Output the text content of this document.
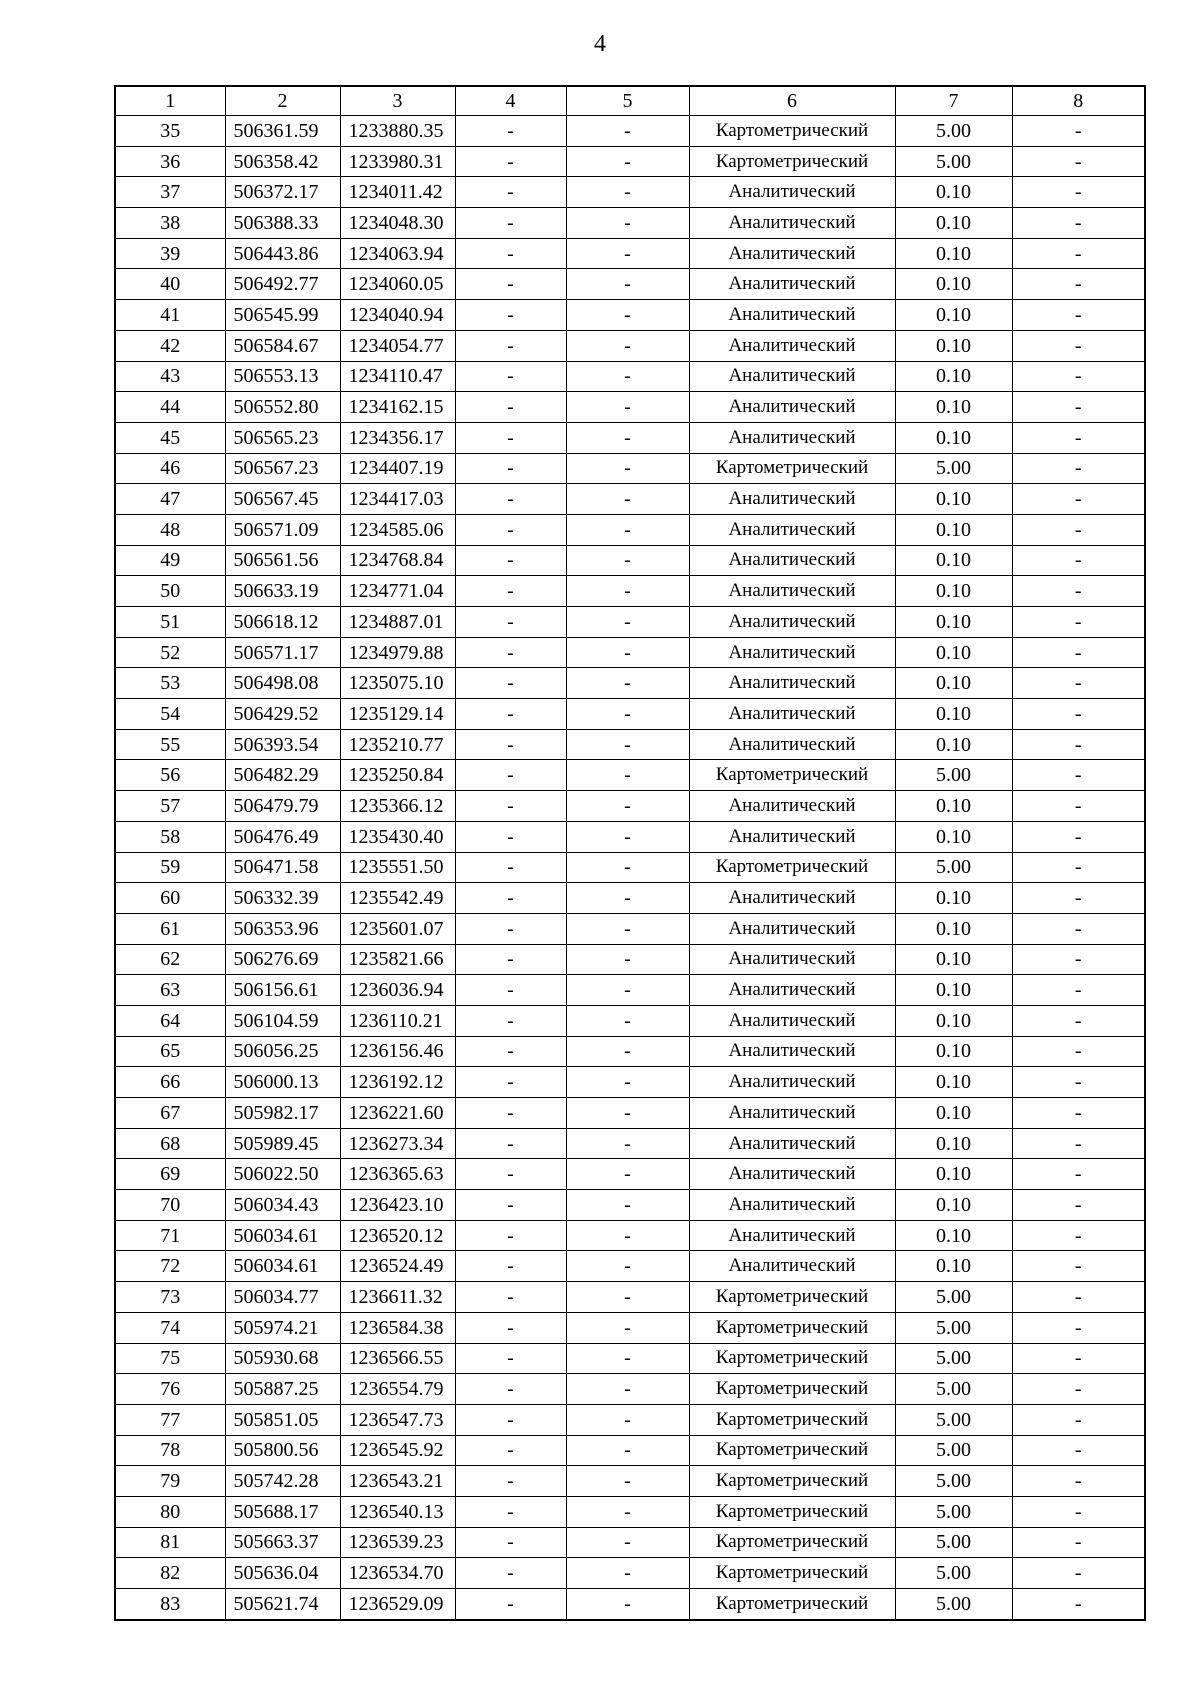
4
1	2	3	4	5	6	7	8
35	506361.59	1233880.35	-	-	Картометрический	5.00	-
36	506358.42	1233980.31	-	-	Картометрический	5.00	-
37	506372.17	1234011.42	-	-	Аналитический	0.10	-
38	506388.33	1234048.30	-	-	Аналитический	0.10	-
39	506443.86	1234063.94	-	-	Аналитический	0.10	-
40	506492.77	1234060.05	-	-	Аналитический	0.10	-
41	506545.99	1234040.94	-	-	Аналитический	0.10	-
42	506584.67	1234054.77	-	-	Аналитический	0.10	-
43	506553.13	1234110.47	-	-	Аналитический	0.10	-
44	506552.80	1234162.15	-	-	Аналитический	0.10	-
45	506565.23	1234356.17	-	-	Аналитический	0.10	-
46	506567.23	1234407.19	-	-	Картометрический	5.00	-
47	506567.45	1234417.03	-	-	Аналитический	0.10	-
48	506571.09	1234585.06	-	-	Аналитический	0.10	-
49	506561.56	1234768.84	-	-	Аналитический	0.10	-
50	506633.19	1234771.04	-	-	Аналитический	0.10	-
51	506618.12	1234887.01	-	-	Аналитический	0.10	-
52	506571.17	1234979.88	-	-	Аналитический	0.10	-
53	506498.08	1235075.10	-	-	Аналитический	0.10	-
54	506429.52	1235129.14	-	-	Аналитический	0.10	-
55	506393.54	1235210.77	-	-	Аналитический	0.10	-
56	506482.29	1235250.84	-	-	Картометрический	5.00	-
57	506479.79	1235366.12	-	-	Аналитический	0.10	-
58	506476.49	1235430.40	-	-	Аналитический	0.10	-
59	506471.58	1235551.50	-	-	Картометрический	5.00	-
60	506332.39	1235542.49	-	-	Аналитический	0.10	-
61	506353.96	1235601.07	-	-	Аналитический	0.10	-
62	506276.69	1235821.66	-	-	Аналитический	0.10	-
63	506156.61	1236036.94	-	-	Аналитический	0.10	-
64	506104.59	1236110.21	-	-	Аналитический	0.10	-
65	506056.25	1236156.46	-	-	Аналитический	0.10	-
66	506000.13	1236192.12	-	-	Аналитический	0.10	-
67	505982.17	1236221.60	-	-	Аналитический	0.10	-
68	505989.45	1236273.34	-	-	Аналитический	0.10	-
69	506022.50	1236365.63	-	-	Аналитический	0.10	-
70	506034.43	1236423.10	-	-	Аналитический	0.10	-
71	506034.61	1236520.12	-	-	Аналитический	0.10	-
72	506034.61	1236524.49	-	-	Аналитический	0.10	-
73	506034.77	1236611.32	-	-	Картометрический	5.00	-
74	505974.21	1236584.38	-	-	Картометрический	5.00	-
75	505930.68	1236566.55	-	-	Картометрический	5.00	-
76	505887.25	1236554.79	-	-	Картометрический	5.00	-
77	505851.05	1236547.73	-	-	Картометрический	5.00	-
78	505800.56	1236545.92	-	-	Картометрический	5.00	-
79	505742.28	1236543.21	-	-	Картометрический	5.00	-
80	505688.17	1236540.13	-	-	Картометрический	5.00	-
81	505663.37	1236539.23	-	-	Картометрический	5.00	-
82	505636.04	1236534.70	-	-	Картометрический	5.00	-
83	505621.74	1236529.09	-	-	Картометрический	5.00	-
